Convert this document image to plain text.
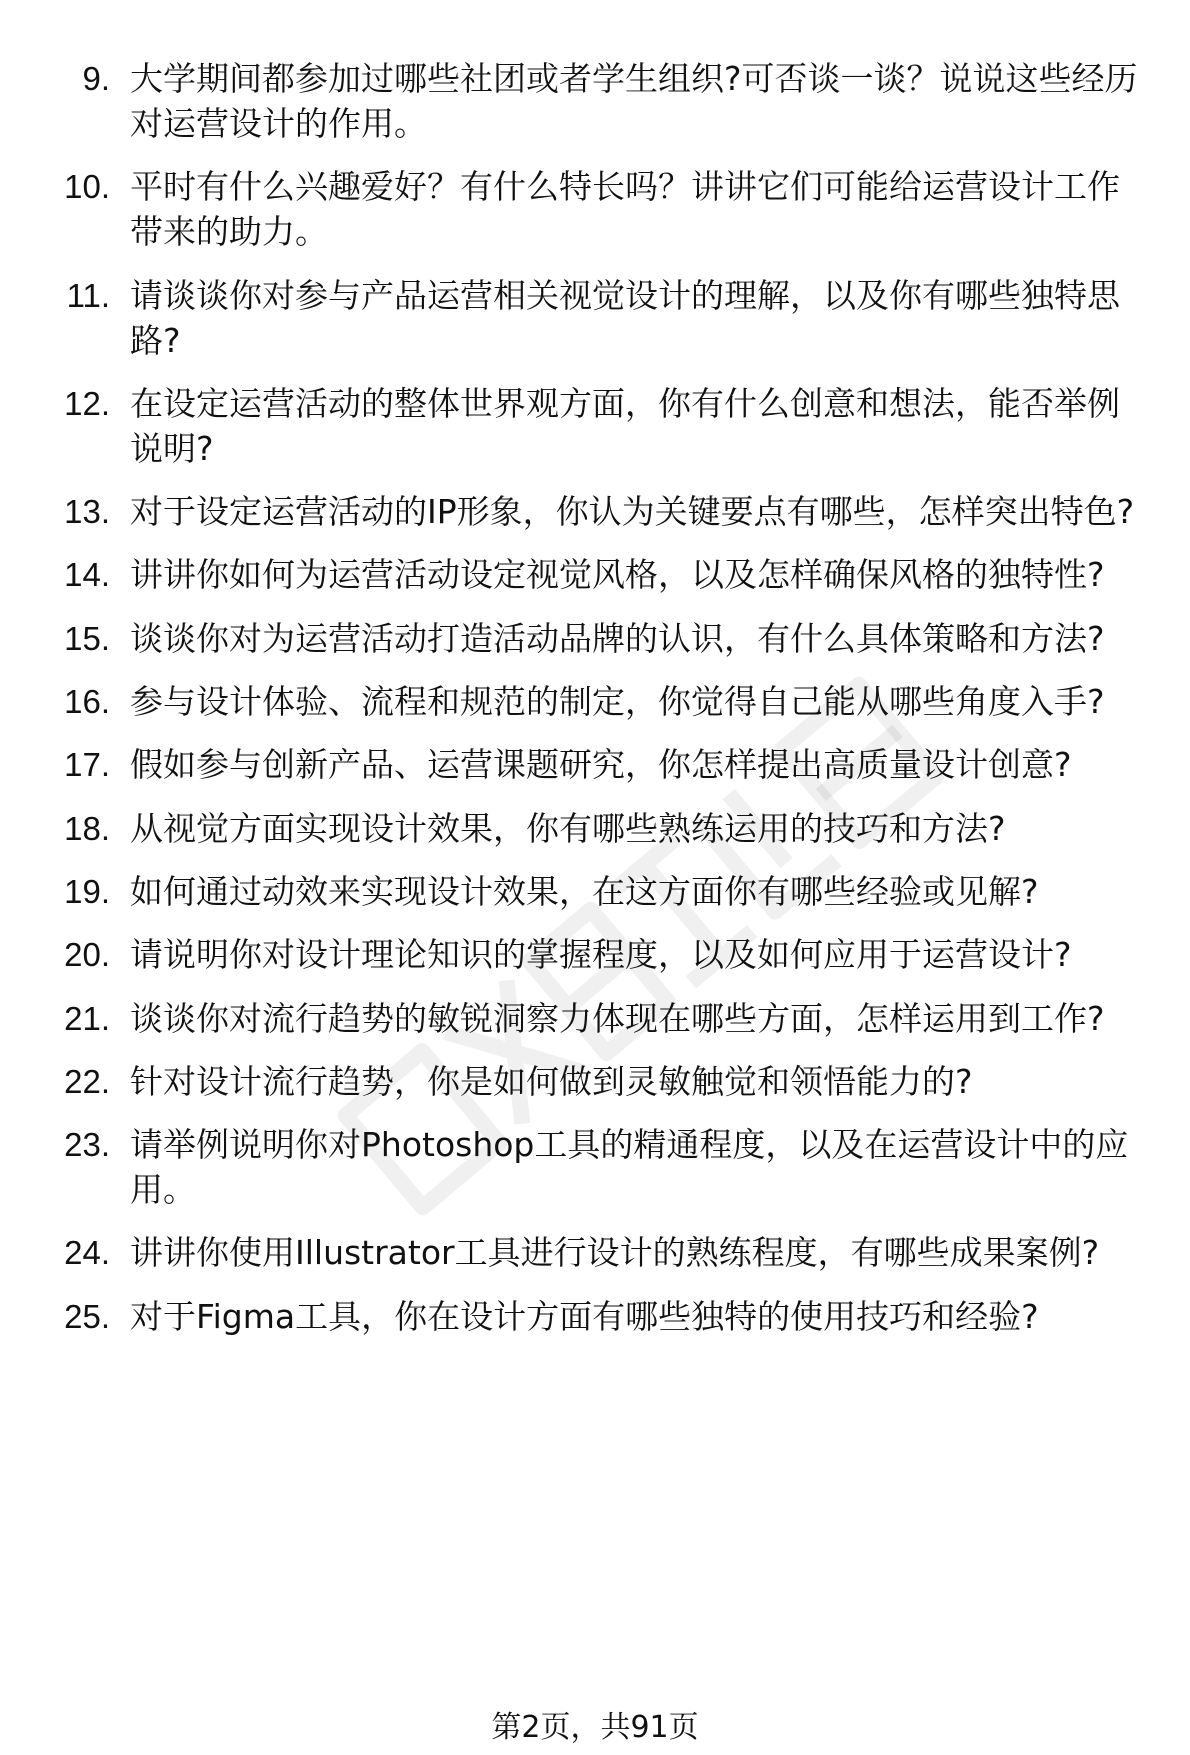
9. 大学期间都参加过哪些社团或者学生组织?可否谈一谈？说说这些经历对运营设计的作用。
10. 平时有什么兴趣爱好？有什么特长吗？讲讲它们可能给运营设计工作带来的助力。
11. 请谈谈你对参与产品运营相关视觉设计的理解，以及你有哪些独特思路?
12. 在设定运营活动的整体世界观方面，你有什么创意和想法，能否举例说明?
13. 对于设定运营活动的IP形象，你认为关键要点有哪些，怎样突出特色?
14. 讲讲你如何为运营活动设定视觉风格，以及怎样确保风格的独特性?
15. 谈谈你对为运营活动打造活动品牌的认识，有什么具体策略和方法?
16. 参与设计体验、流程和规范的制定，你觉得自己能从哪些角度入手?
17. 假如参与创新产品、运营课题研究，你怎样提出高质量设计创意?
18. 从视觉方面实现设计效果，你有哪些熟练运用的技巧和方法?
19. 如何通过动效来实现设计效果，在这方面你有哪些经验或见解?
20. 请说明你对设计理论知识的掌握程度，以及如何应用于运营设计?
21. 谈谈你对流行趋势的敏锐洞察力体现在哪些方面，怎样运用到工作?
22. 针对设计流行趋势，你是如何做到灵敏触觉和领悟能力的?
23. 请举例说明你对Photoshop工具的精通程度，以及在运营设计中的应用。
24. 讲讲你使用Illustrator工具进行设计的熟练程度，有哪些成果案例?
25. 对于Figma工具，你在设计方面有哪些独特的使用技巧和经验?
第2页，共91页
